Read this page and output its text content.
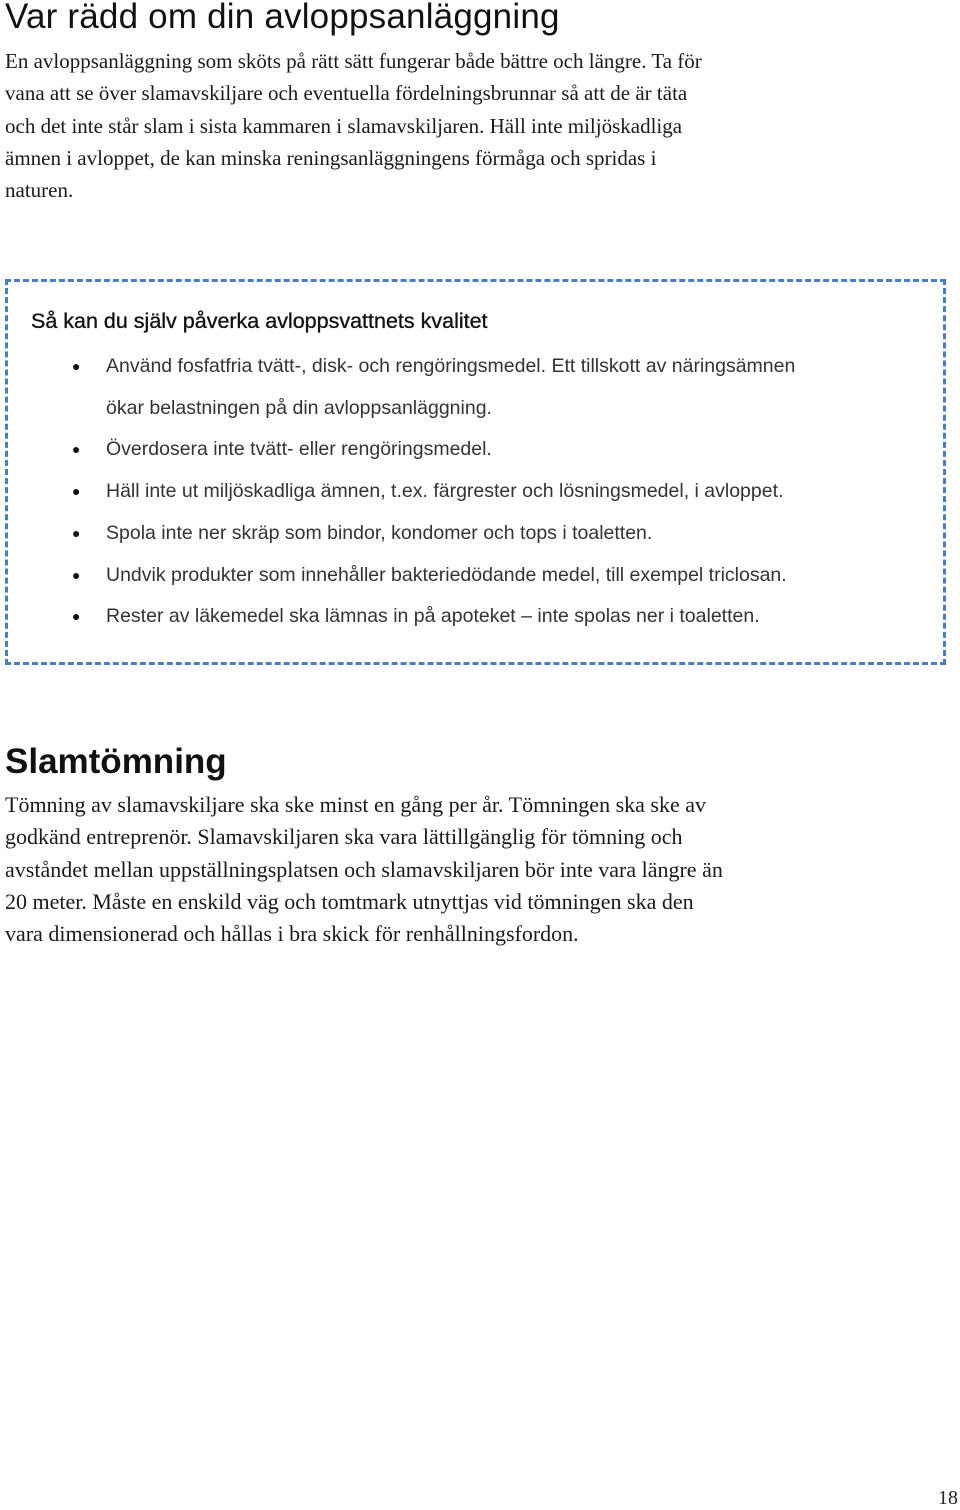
Var rädd om din avloppsanläggning

En avloppsanläggning som sköts på rätt sätt fungerar både bättre och längre. Ta för
vana att se över slamavskiljare och eventuella fördelningsbrunnar så att de är täta
och det inte står slam i sista kammaren i slamavskiljaren. Häll inte miljöskadliga
ämnen i avloppet, de kan minska reningsanläggningens förmåga och spridas i
naturen.

Så kan du själv påverka avloppsvattnets kvalitet
● Använd fosfatfria tvätt-, disk- och rengöringsmedel. Ett tillskott av näringsämnen
ökar belastningen på din avloppsanläggning.
● Överdosera inte tvätt- eller rengöringsmedel.
● Häll inte ut miljöskadliga ämnen, t.ex. färgrester och lösningsmedel, i avloppet.
● Spola inte ner skräp som bindor, kondomer och tops i toaletten.
● Undvik produkter som innehåller bakteriedödande medel, till exempel triclosan.
● Rester av läkemedel ska lämnas in på apoteket – inte spolas ner i toaletten.
Slamtömning

Tömning av slamavskiljare ska ske minst en gång per år. Tömningen ska ske av
godkänd entreprenör. Slamavskiljaren ska vara lättillgänglig för tömning och
avståndet mellan uppställningsplatsen och slamavskiljaren bör inte vara längre än
20 meter. Måste en enskild väg och tomtmark utnyttjas vid tömningen ska den
vara dimensionerad och hållas i bra skick för renhållningsfordon.

18
